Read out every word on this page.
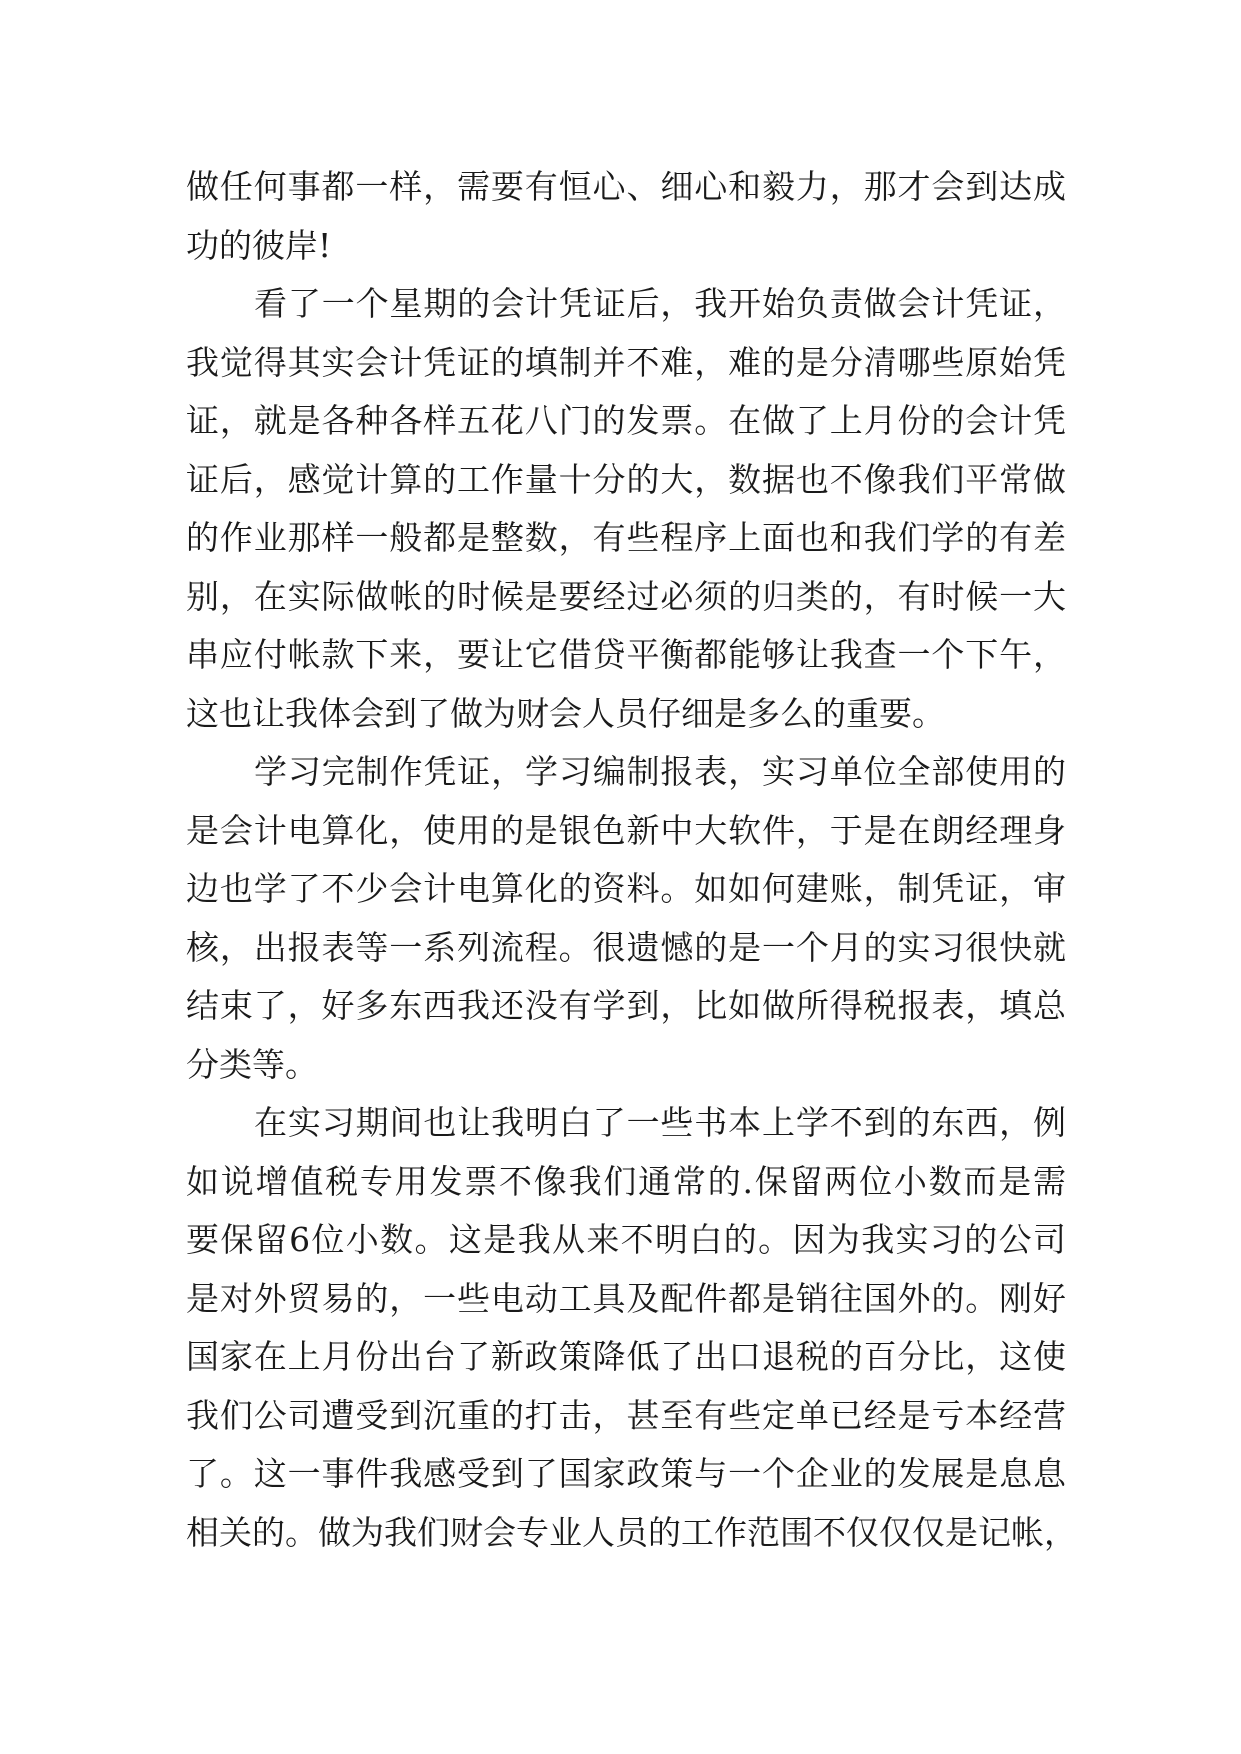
做任何事都一样，需要有恒心、细心和毅力，那才会到达成
功的彼岸!
看了一个星期的会计凭证后，我开始负责做会计凭证，
我觉得其实会计凭证的填制并不难，难的是分清哪些原始凭
证，就是各种各样五花八门的发票。在做了上月份的会计凭
证后，感觉计算的工作量十分的大，数据也不像我们平常做
的作业那样一般都是整数，有些程序上面也和我们学的有差
别，在实际做帐的时候是要经过必须的归类的，有时候一大
串应付帐款下来，要让它借贷平衡都能够让我查一个下午，
这也让我体会到了做为财会人员仔细是多么的重要。
学习完制作凭证，学习编制报表，实习单位全部使用的
是会计电算化，使用的是银色新中大软件，于是在朗经理身
边也学了不少会计电算化的资料。如如何建账，制凭证，审
核，出报表等一系列流程。很遗憾的是一个月的实习很快就
结束了，好多东西我还没有学到，比如做所得税报表，填总
分类等。
在实习期间也让我明白了一些书本上学不到的东西，例
如说增值税专用发票不像我们通常的.保留两位小数而是需
要保留6位小数。这是我从来不明白的。因为我实习的公司
是对外贸易的，一些电动工具及配件都是销往国外的。刚好
国家在上月份出台了新政策降低了出口退税的百分比，这使
我们公司遭受到沉重的打击，甚至有些定单已经是亏本经营
了。这一事件我感受到了国家政策与一个企业的发展是息息
相关的。做为我们财会专业人员的工作范围不仅仅仅是记帐，
